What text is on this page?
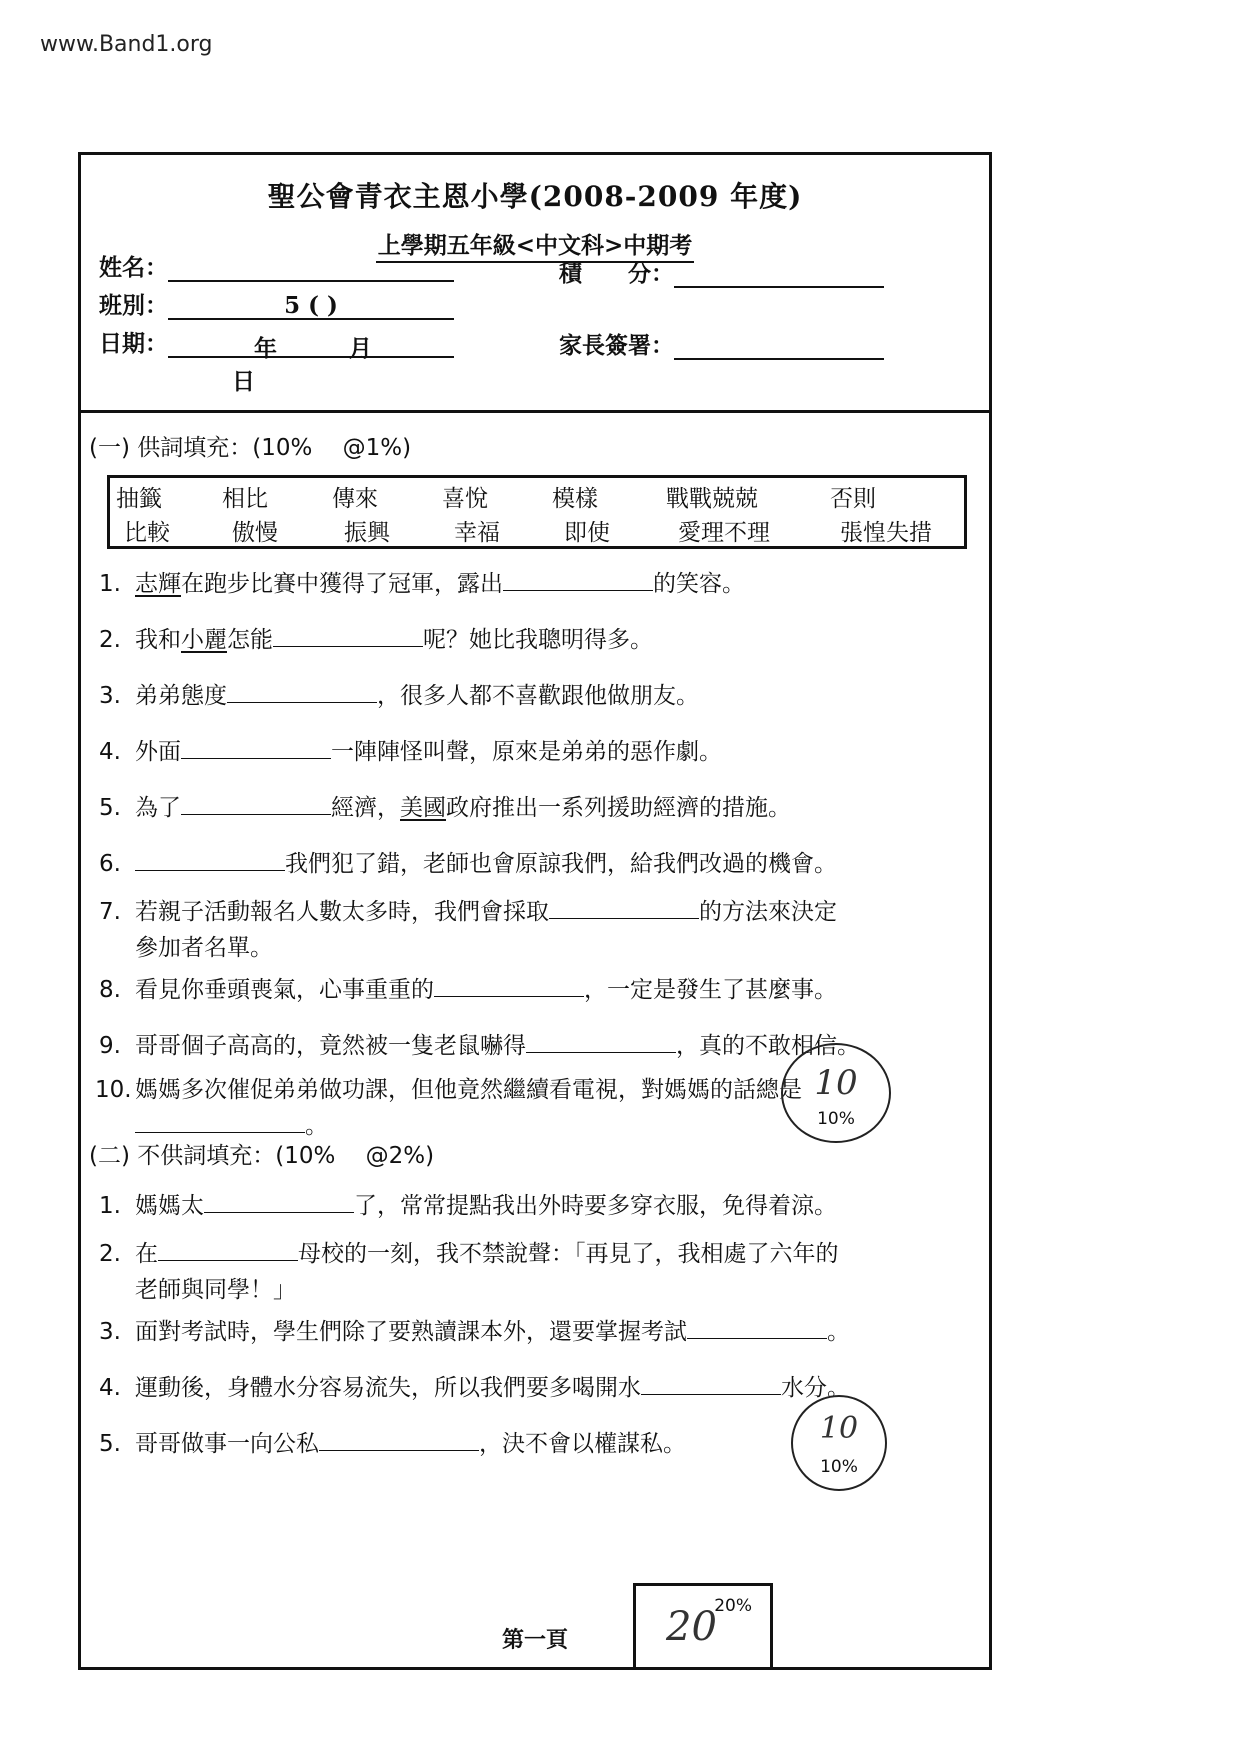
www.Band1.org
聖公會青衣主恩小學(2008-2009 年度)
上學期五年級<中文科>中期考
姓名：
班別：	5 ( )
日期：	年	月 日
積　　分：
家長簽署：
(一) 供詞填充：(10%　 @1%)
抽籤	相比	傳來	喜悅	模樣	戰戰兢兢	否則
比較	傲慢	振興	幸福	即使	愛理不理	張惶失措
1. 志輝在跑步比賽中獲得了冠軍，露出	的笑容。
2. 我和小麗怎能	呢？她比我聰明得多。
3. 弟弟態度	，很多人都不喜歡跟他做朋友。
4. 外面	一陣陣怪叫聲，原來是弟弟的惡作劇。
5. 為了	經濟，美國政府推出一系列援助經濟的措施。
6.	我們犯了錯，老師也會原諒我們，給我們改過的機會。
7. 若親子活動報名人數太多時，我們會採取	的方法來決定
參加者名單。
8. 看見你垂頭喪氣，心事重重的	，一定是發生了甚麼事。
9. 哥哥個子高高的，竟然被一隻老鼠嚇得	，真的不敢相信。
10. 媽媽多次催促弟弟做功課，但他竟然繼續看電視，對媽媽的話總是
。
10
10%
(二) 不供詞填充：(10%　 @2%)
1. 媽媽太	了，常常提點我出外時要多穿衣服，免得着涼。
2. 在	母校的一刻，我不禁說聲：「再見了，我相處了六年的
老師與同學！」
3. 面對考試時，學生們除了要熟讀課本外，還要掌握考試	。
4. 運動後，身體水分容易流失，所以我們要多喝開水	水分。
5. 哥哥做事一向公私	，決不會以權謀私。	10
10%
20
20%
第一頁
